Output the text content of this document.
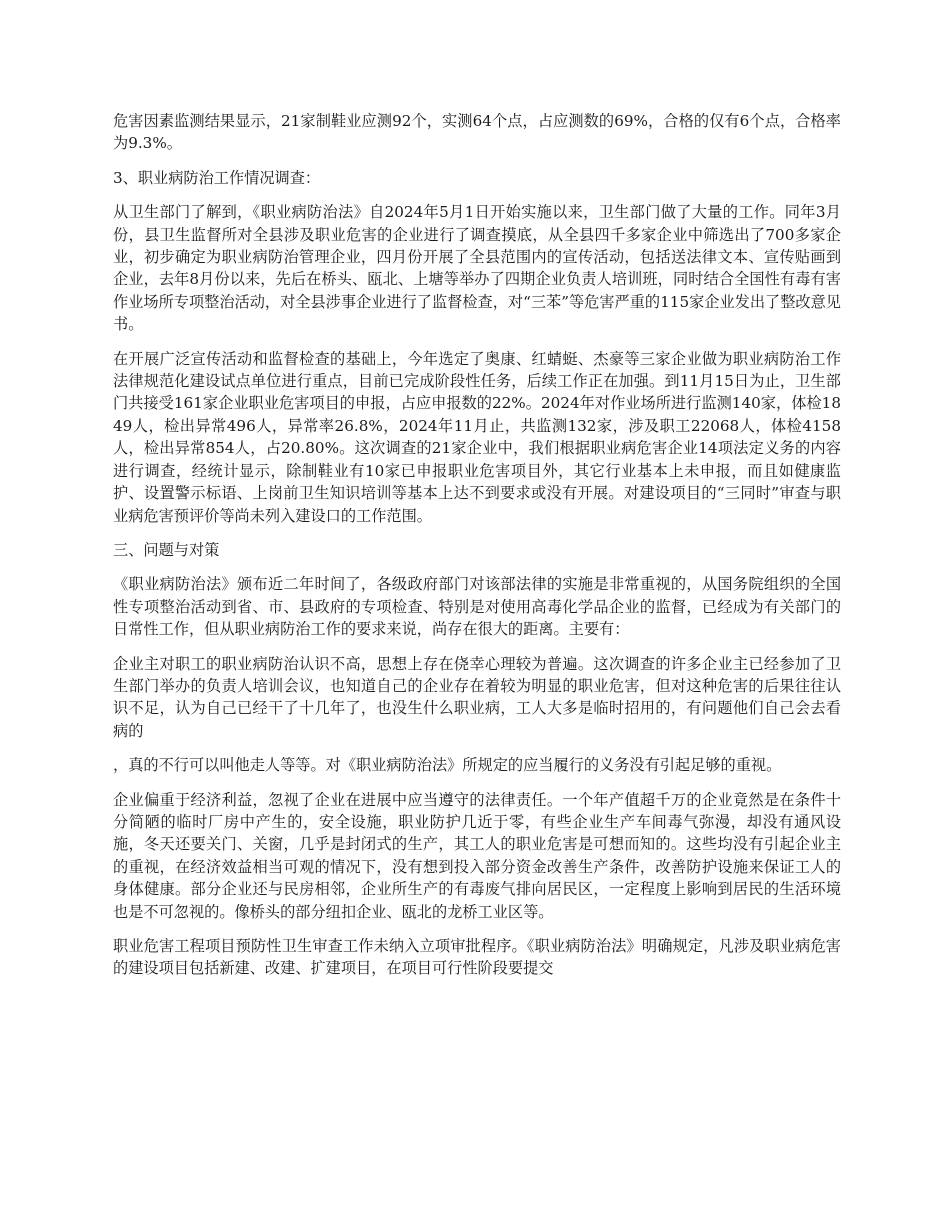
危害因素监测结果显示，21家制鞋业应测92个，实测64个点，占应测数的69%，合格的仅有6个点，合格率为9.3%。

3、职业病防治工作情况调查：

从卫生部门了解到，《职业病防治法》自2024年5月1日开始实施以来，卫生部门做了大量的工作。同年3月份，县卫生监督所对全县涉及职业危害的企业进行了调查摸底，从全县四千多家企业中筛选出了700多家企业，初步确定为职业病防治管理企业，四月份开展了全县范围内的宣传活动，包括送法律文本、宣传贴画到企业，去年8月份以来，先后在桥头、瓯北、上塘等举办了四期企业负责人培训班，同时结合全国性有毒有害作业场所专项整治活动，对全县涉事企业进行了监督检查，对“三苯”等危害严重的115家企业发出了整改意见书。

在开展广泛宣传活动和监督检查的基础上，今年选定了奥康、红蜻蜓、杰豪等三家企业做为职业病防治工作法律规范化建设试点单位进行重点，目前已完成阶段性任务，后续工作正在加强。到11月15日为止，卫生部门共接受161家企业职业危害项目的申报，占应申报数的22%。2024年对作业场所进行监测140家，体检1849人，检出异常496人，异常率26.8%，2024年11月止，共监测132家，涉及职工22068人，体检4158人，检出异常854人，占20.80%。这次调查的21家企业中，我们根据职业病危害企业14项法定义务的内容进行调查，经统计显示，除制鞋业有10家已申报职业危害项目外，其它行业基本上未申报，而且如健康监护、设置警示标语、上岗前卫生知识培训等基本上达不到要求或没有开展。对建设项目的“三同时”审查与职业病危害预评价等尚未列入建设口的工作范围。

三、问题与对策

《职业病防治法》颁布近二年时间了，各级政府部门对该部法律的实施是非常重视的，从国务院组织的全国性专项整治活动到省、市、县政府的专项检查、特别是对使用高毒化学品企业的监督，已经成为有关部门的日常性工作，但从职业病防治工作的要求来说，尚存在很大的距离。主要有：

企业主对职工的职业病防治认识不高，思想上存在侥幸心理较为普遍。这次调查的许多企业主已经参加了卫生部门举办的负责人培训会议，也知道自己的企业存在着较为明显的职业危害，但对这种危害的后果往往认识不足，认为自己已经干了十几年了，也没生什么职业病，工人大多是临时招用的，有问题他们自己会去看病的

，真的不行可以叫他走人等等。对《职业病防治法》所规定的应当履行的义务没有引起足够的重视。

企业偏重于经济利益，忽视了企业在进展中应当遵守的法律责任。一个年产值超千万的企业竟然是在条件十分简陋的临时厂房中产生的，安全设施，职业防护几近于零，有些企业生产车间毒气弥漫，却没有通风设施，冬天还要关门、关窗，几乎是封闭式的生产，其工人的职业危害是可想而知的。这些均没有引起企业主的重视，在经济效益相当可观的情况下，没有想到投入部分资金改善生产条件，改善防护设施来保证工人的身体健康。部分企业还与民房相邻，企业所生产的有毒废气排向居民区，一定程度上影响到居民的生活环境也是不可忽视的。像桥头的部分纽扣企业、瓯北的龙桥工业区等。

职业危害工程项目预防性卫生审查工作未纳入立项审批程序。《职业病防治法》明确规定，凡涉及职业病危害的建设项目包括新建、改建、扩建项目，在项目可行性阶段要提交
